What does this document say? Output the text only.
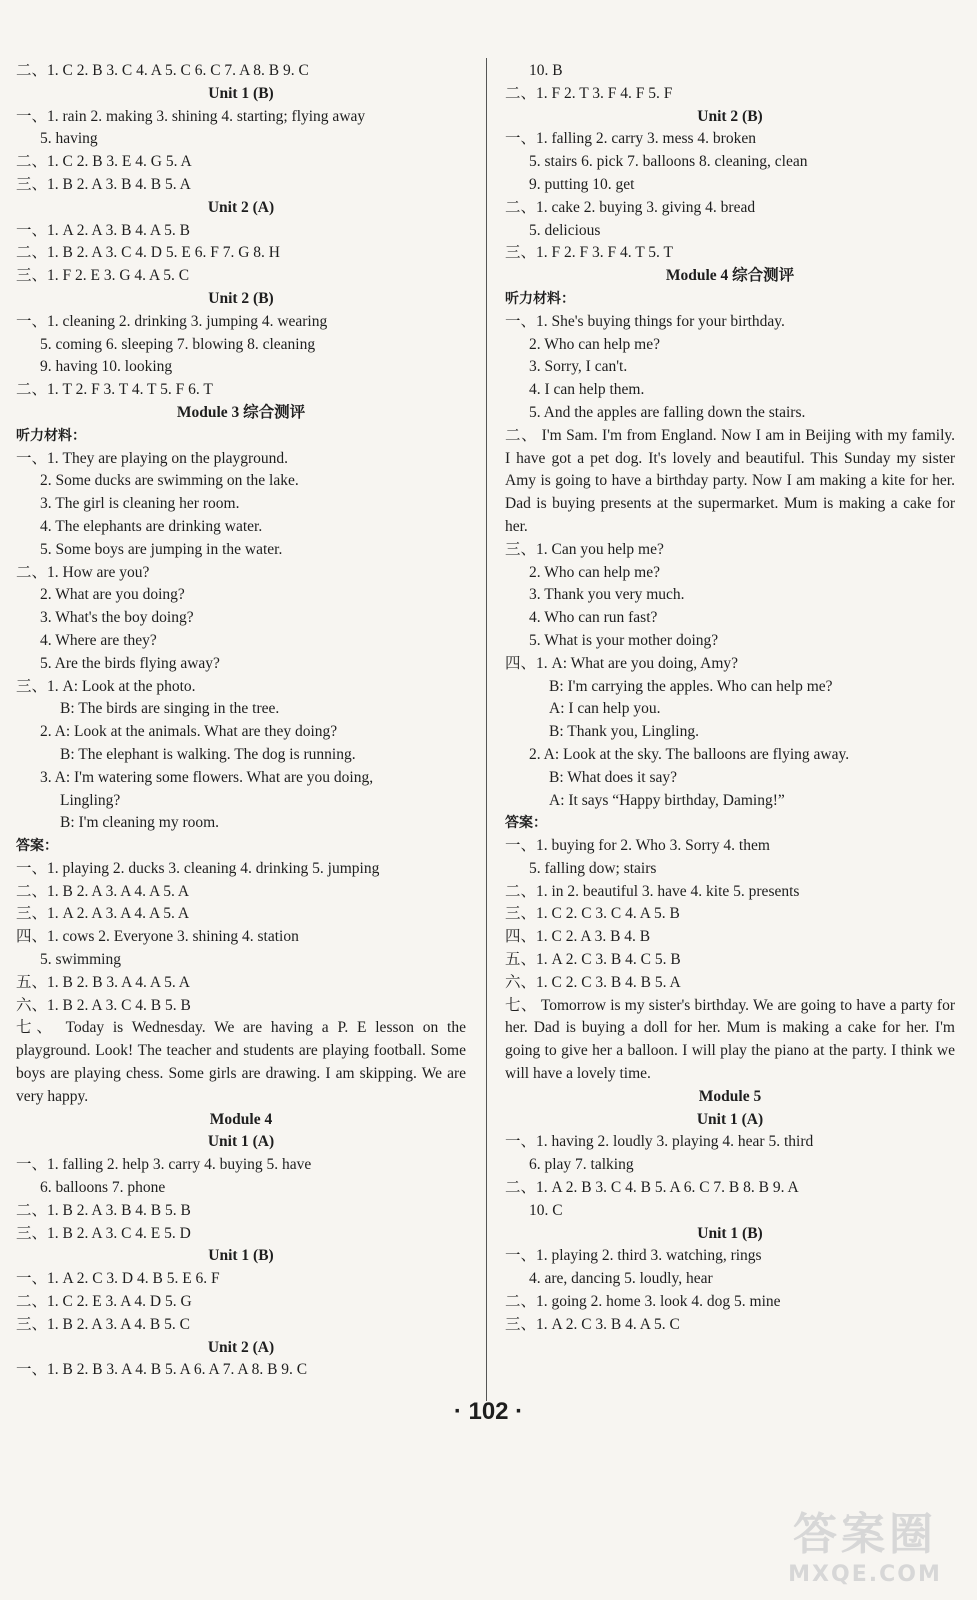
二、1. C 2. B 3. C 4. A 5. C 6. C 7. A 8. B 9. C
Unit 1 (B)
一、1. rain 2. making 3. shining 4. starting; flying away
5. having
二、1. C 2. B 3. E 4. G 5. A
三、1. B 2. A 3. B 4. B 5. A
Unit 2 (A)
一、1. A 2. A 3. B 4. A 5. B
二、1. B 2. A 3. C 4. D 5. E 6. F 7. G 8. H
三、1. F 2. E 3. G 4. A 5. C
Unit 2 (B)
一、1. cleaning 2. drinking 3. jumping 4. wearing
5. coming 6. sleeping 7. blowing 8. cleaning
9. having 10. looking
二、1. T 2. F 3. T 4. T 5. F 6. T
Module 3 综合测评
听力材料：
一、1. They are playing on the playground.
2. Some ducks are swimming on the lake.
3. The girl is cleaning her room.
4. The elephants are drinking water.
5. Some boys are jumping in the water.
二、1. How are you?
2. What are you doing?
3. What's the boy doing?
4. Where are they?
5. Are the birds flying away?
三、1. A: Look at the photo.
B: The birds are singing in the tree.
2. A: Look at the animals. What are they doing?
B: The elephant is walking. The dog is running.
3. A: I'm watering some flowers. What are you doing,
Lingling?
B: I'm cleaning my room.
答案：
一、1. playing 2. ducks 3. cleaning 4. drinking 5. jumping
二、1. B 2. A 3. A 4. A 5. A
三、1. A 2. A 3. A 4. A 5. A
四、1. cows 2. Everyone 3. shining 4. station
5. swimming
五、1. B 2. B 3. A 4. A 5. A
六、1. B 2. A 3. C 4. B 5. B
七、 Today is Wednesday. We are having a P. E lesson on the playground. Look! The teacher and students are playing football. Some boys are playing chess. Some girls are drawing. I am skipping. We are very happy.
Module 4
Unit 1 (A)
一、1. falling 2. help 3. carry 4. buying 5. have
6. balloons 7. phone
二、1. B 2. A 3. B 4. B 5. B
三、1. B 2. A 3. C 4. E 5. D
Unit 1 (B)
一、1. A 2. C 3. D 4. B 5. E 6. F
二、1. C 2. E 3. A 4. D 5. G
三、1. B 2. A 3. A 4. B 5. C
Unit 2 (A)
一、1. B 2. B 3. A 4. B 5. A 6. A 7. A 8. B 9. C
10. B
二、1. F 2. T 3. F 4. F 5. F
Unit 2 (B)
一、1. falling 2. carry 3. mess 4. broken
5. stairs 6. pick 7. balloons 8. cleaning, clean
9. putting 10. get
二、1. cake 2. buying 3. giving 4. bread
5. delicious
三、1. F 2. F 3. F 4. T 5. T
Module 4 综合测评
听力材料：
一、1. She's buying things for your birthday.
2. Who can help me?
3. Sorry, I can't.
4. I can help them.
5. And the apples are falling down the stairs.
二、 I'm Sam. I'm from England. Now I am in Beijing with my family. I have got a pet dog. It's lovely and beautiful. This Sunday my sister Amy is going to have a birthday party. Now I am making a kite for her. Dad is buying presents at the supermarket. Mum is making a cake for her.
三、1. Can you help me?
2. Who can help me?
3. Thank you very much.
4. Who can run fast?
5. What is your mother doing?
四、1. A: What are you doing, Amy?
B: I'm carrying the apples. Who can help me?
A: I can help you.
B: Thank you, Lingling.
2. A: Look at the sky. The balloons are flying away.
B: What does it say?
A: It says “Happy birthday, Daming!”
答案：
一、1. buying for 2. Who 3. Sorry 4. them
5. falling dow; stairs
二、1. in 2. beautiful 3. have 4. kite 5. presents
三、1. C 2. C 3. C 4. A 5. B
四、1. C 2. A 3. B 4. B
五、1. A 2. C 3. B 4. C 5. B
六、1. C 2. C 3. B 4. B 5. A
七、 Tomorrow is my sister's birthday. We are going to have a party for her. Dad is buying a doll for her. Mum is making a cake for her. I'm going to give her a balloon. I will play the piano at the party. I think we will have a lovely time.
Module 5
Unit 1 (A)
一、1. having 2. loudly 3. playing 4. hear 5. third
6. play 7. talking
二、1. A 2. B 3. C 4. B 5. A 6. C 7. B 8. B 9. A
10. C
Unit 1 (B)
一、1. playing 2. third 3. watching, rings
4. are, dancing 5. loudly, hear
二、1. going 2. home 3. look 4. dog 5. mine
三、1. A 2. C 3. B 4. A 5. C
· 102 ·
答案圈
MXQE.COM
